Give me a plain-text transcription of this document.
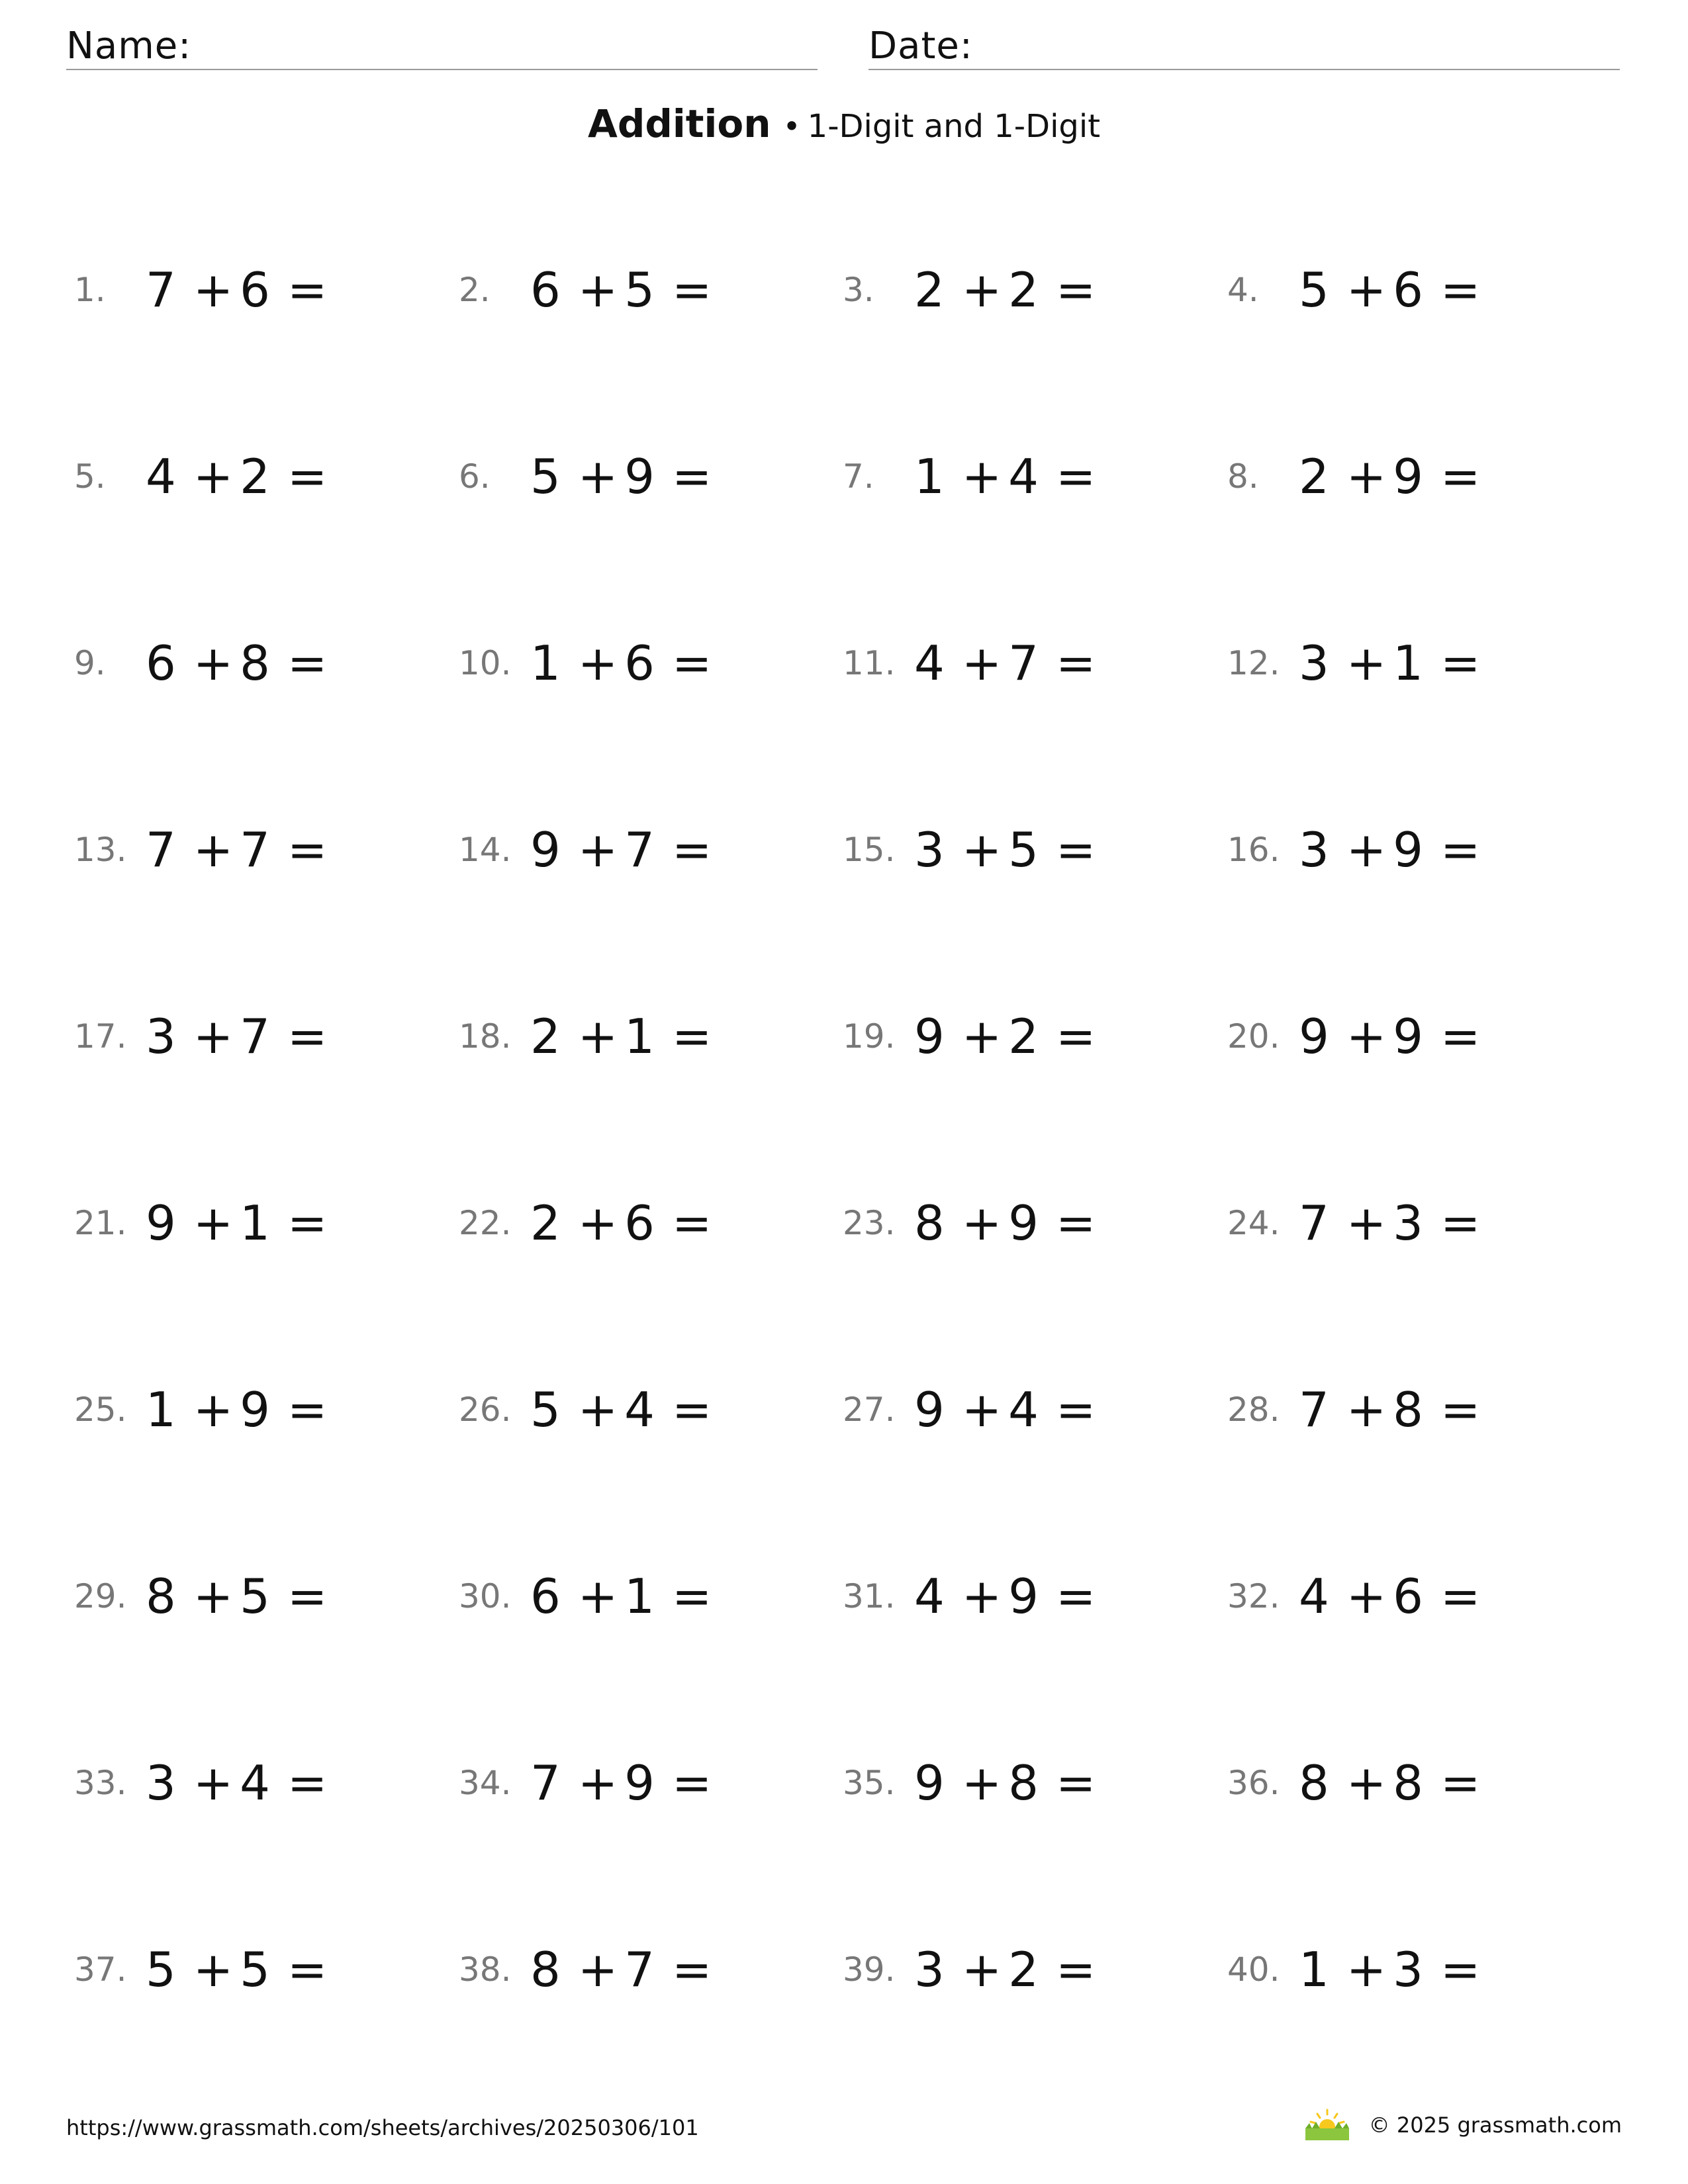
Name:	Date:
Addition • 1-Digit and 1-Digit
1. 7 + 6 =	2. 6 + 5 =	3. 2 + 2 =	4. 5 + 6 =
5. 4 + 2 =	6. 5 + 9 =	7. 1 + 4 =	8. 2 + 9 =
9. 6 + 8 =	10. 1 + 6 =	11. 4 + 7 =	12. 3 + 1 =
13. 7 + 7 =	14. 9 + 7 =	15. 3 + 5 =	16. 3 + 9 =
17. 3 + 7 =	18. 2 + 1 =	19. 9 + 2 =	20. 9 + 9 =
21. 9 + 1 =	22. 2 + 6 =	23. 8 + 9 =	24. 7 + 3 =
25. 1 + 9 =	26. 5 + 4 =	27. 9 + 4 =	28. 7 + 8 =
29. 8 + 5 =	30. 6 + 1 =	31. 4 + 9 =	32. 4 + 6 =
33. 3 + 4 =	34. 7 + 9 =	35. 9 + 8 =	36. 8 + 8 =
37. 5 + 5 =	38. 8 + 7 =	39. 3 + 2 =	40. 1 + 3 =
https://www.grassmath.com/sheets/archives/20250306/101	© 2025 grassmath.com
